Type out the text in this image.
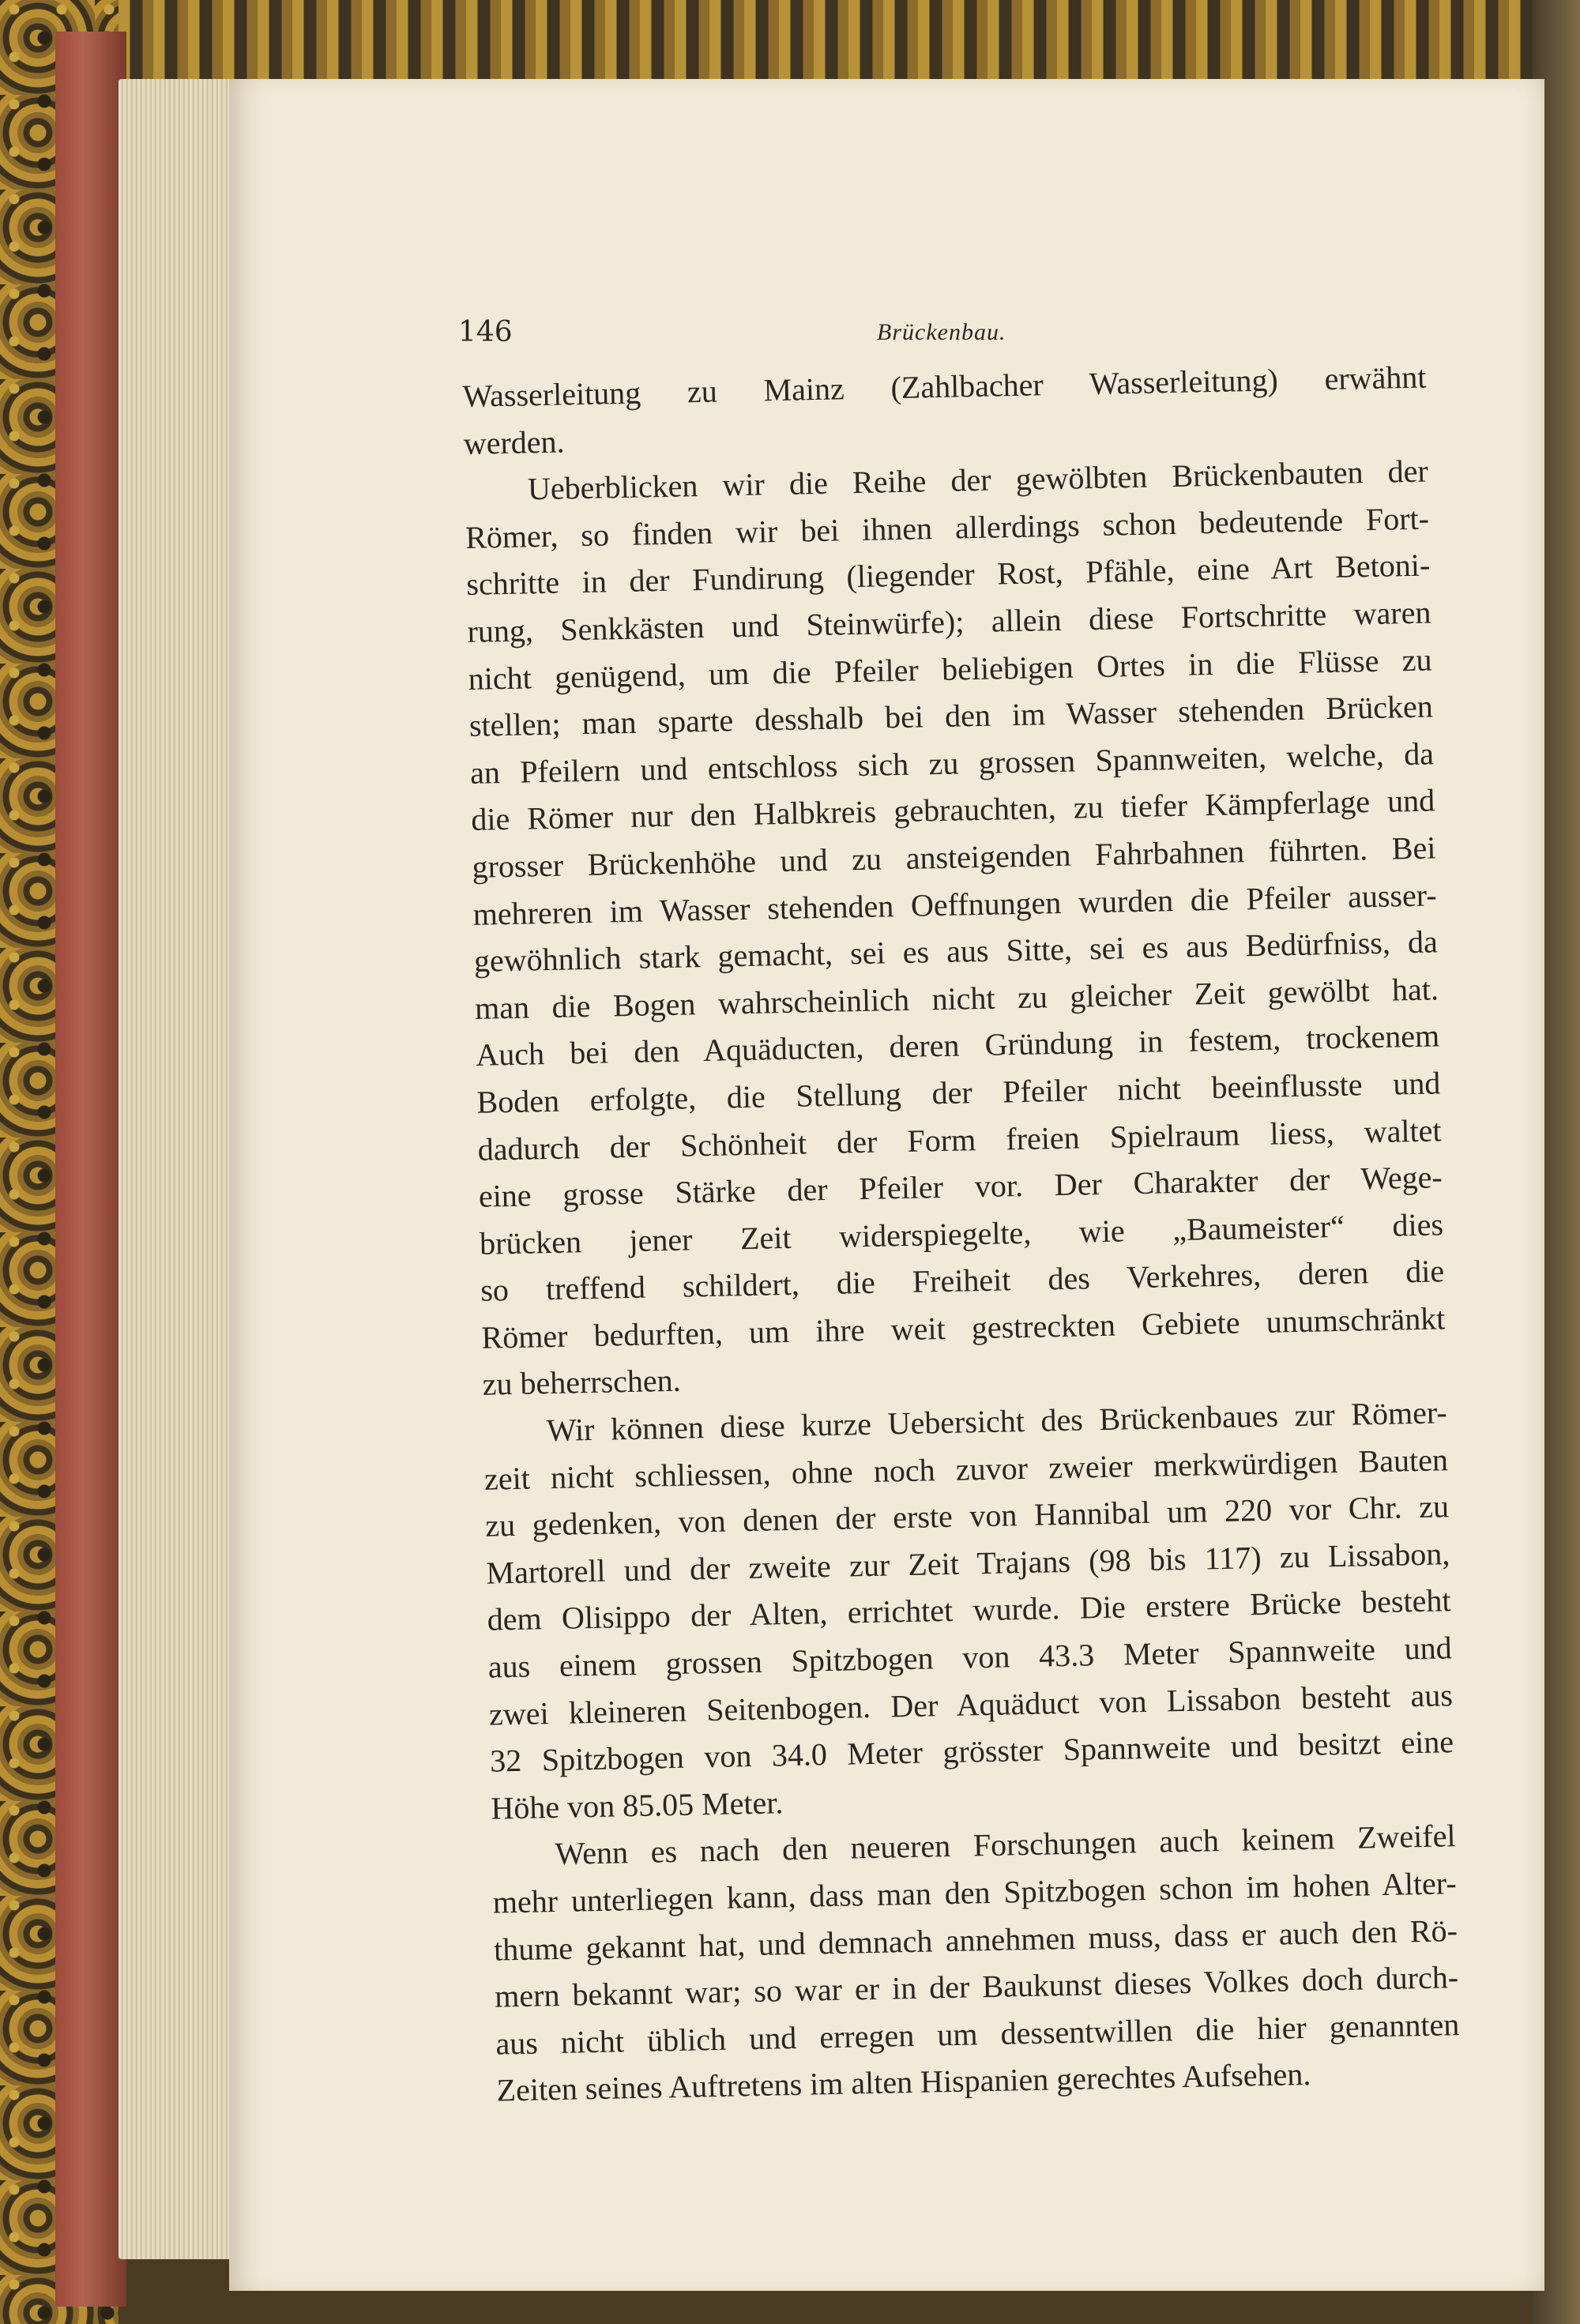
146	Brückenbau.
Wasserleitung zu Mainz (Zahlbacher Wasserleitung) erwähnt
werden.
Ueberblicken wir die Reihe der gewölbten Brückenbauten der
Römer, so finden wir bei ihnen allerdings schon bedeutende Fort-
schritte in der Fundirung (liegender Rost, Pfähle, eine Art Betoni-
rung, Senkkästen und Steinwürfe); allein diese Fortschritte waren
nicht genügend, um die Pfeiler beliebigen Ortes in die Flüsse zu
stellen; man sparte desshalb bei den im Wasser stehenden Brücken
an Pfeilern und entschloss sich zu grossen Spannweiten, welche, da
die Römer nur den Halbkreis gebrauchten, zu tiefer Kämpferlage und
grosser Brückenhöhe und zu ansteigenden Fahrbahnen führten. Bei
mehreren im Wasser stehenden Oeffnungen wurden die Pfeiler ausser-
gewöhnlich stark gemacht, sei es aus Sitte, sei es aus Bedürfniss, da
man die Bogen wahrscheinlich nicht zu gleicher Zeit gewölbt hat.
Auch bei den Aquäducten, deren Gründung in festem, trockenem
Boden erfolgte, die Stellung der Pfeiler nicht beeinflusste und
dadurch der Schönheit der Form freien Spielraum liess, waltet
eine grosse Stärke der Pfeiler vor. Der Charakter der Wege-
brücken jener Zeit widerspiegelte, wie „Baumeister“ dies
so treffend schildert, die Freiheit des Verkehres, deren die
Römer bedurften, um ihre weit gestreckten Gebiete unumschränkt
zu beherrschen.
Wir können diese kurze Uebersicht des Brückenbaues zur Römer-
zeit nicht schliessen, ohne noch zuvor zweier merkwürdigen Bauten
zu gedenken, von denen der erste von Hannibal um 220 vor Chr. zu
Martorell und der zweite zur Zeit Trajans (98 bis 117) zu Lissabon,
dem Olisippo der Alten, errichtet wurde. Die erstere Brücke besteht
aus einem grossen Spitzbogen von 43.3 Meter Spannweite und
zwei kleineren Seitenbogen. Der Aquäduct von Lissabon besteht aus
32 Spitzbogen von 34.0 Meter grösster Spannweite und besitzt eine
Höhe von 85.05 Meter.
Wenn es nach den neueren Forschungen auch keinem Zweifel
mehr unterliegen kann, dass man den Spitzbogen schon im hohen Alter-
thume gekannt hat, und demnach annehmen muss, dass er auch den Rö-
mern bekannt war; so war er in der Baukunst dieses Volkes doch durch-
aus nicht üblich und erregen um dessentwillen die hier genannten
Zeiten seines Auftretens im alten Hispanien gerechtes Aufsehen.
